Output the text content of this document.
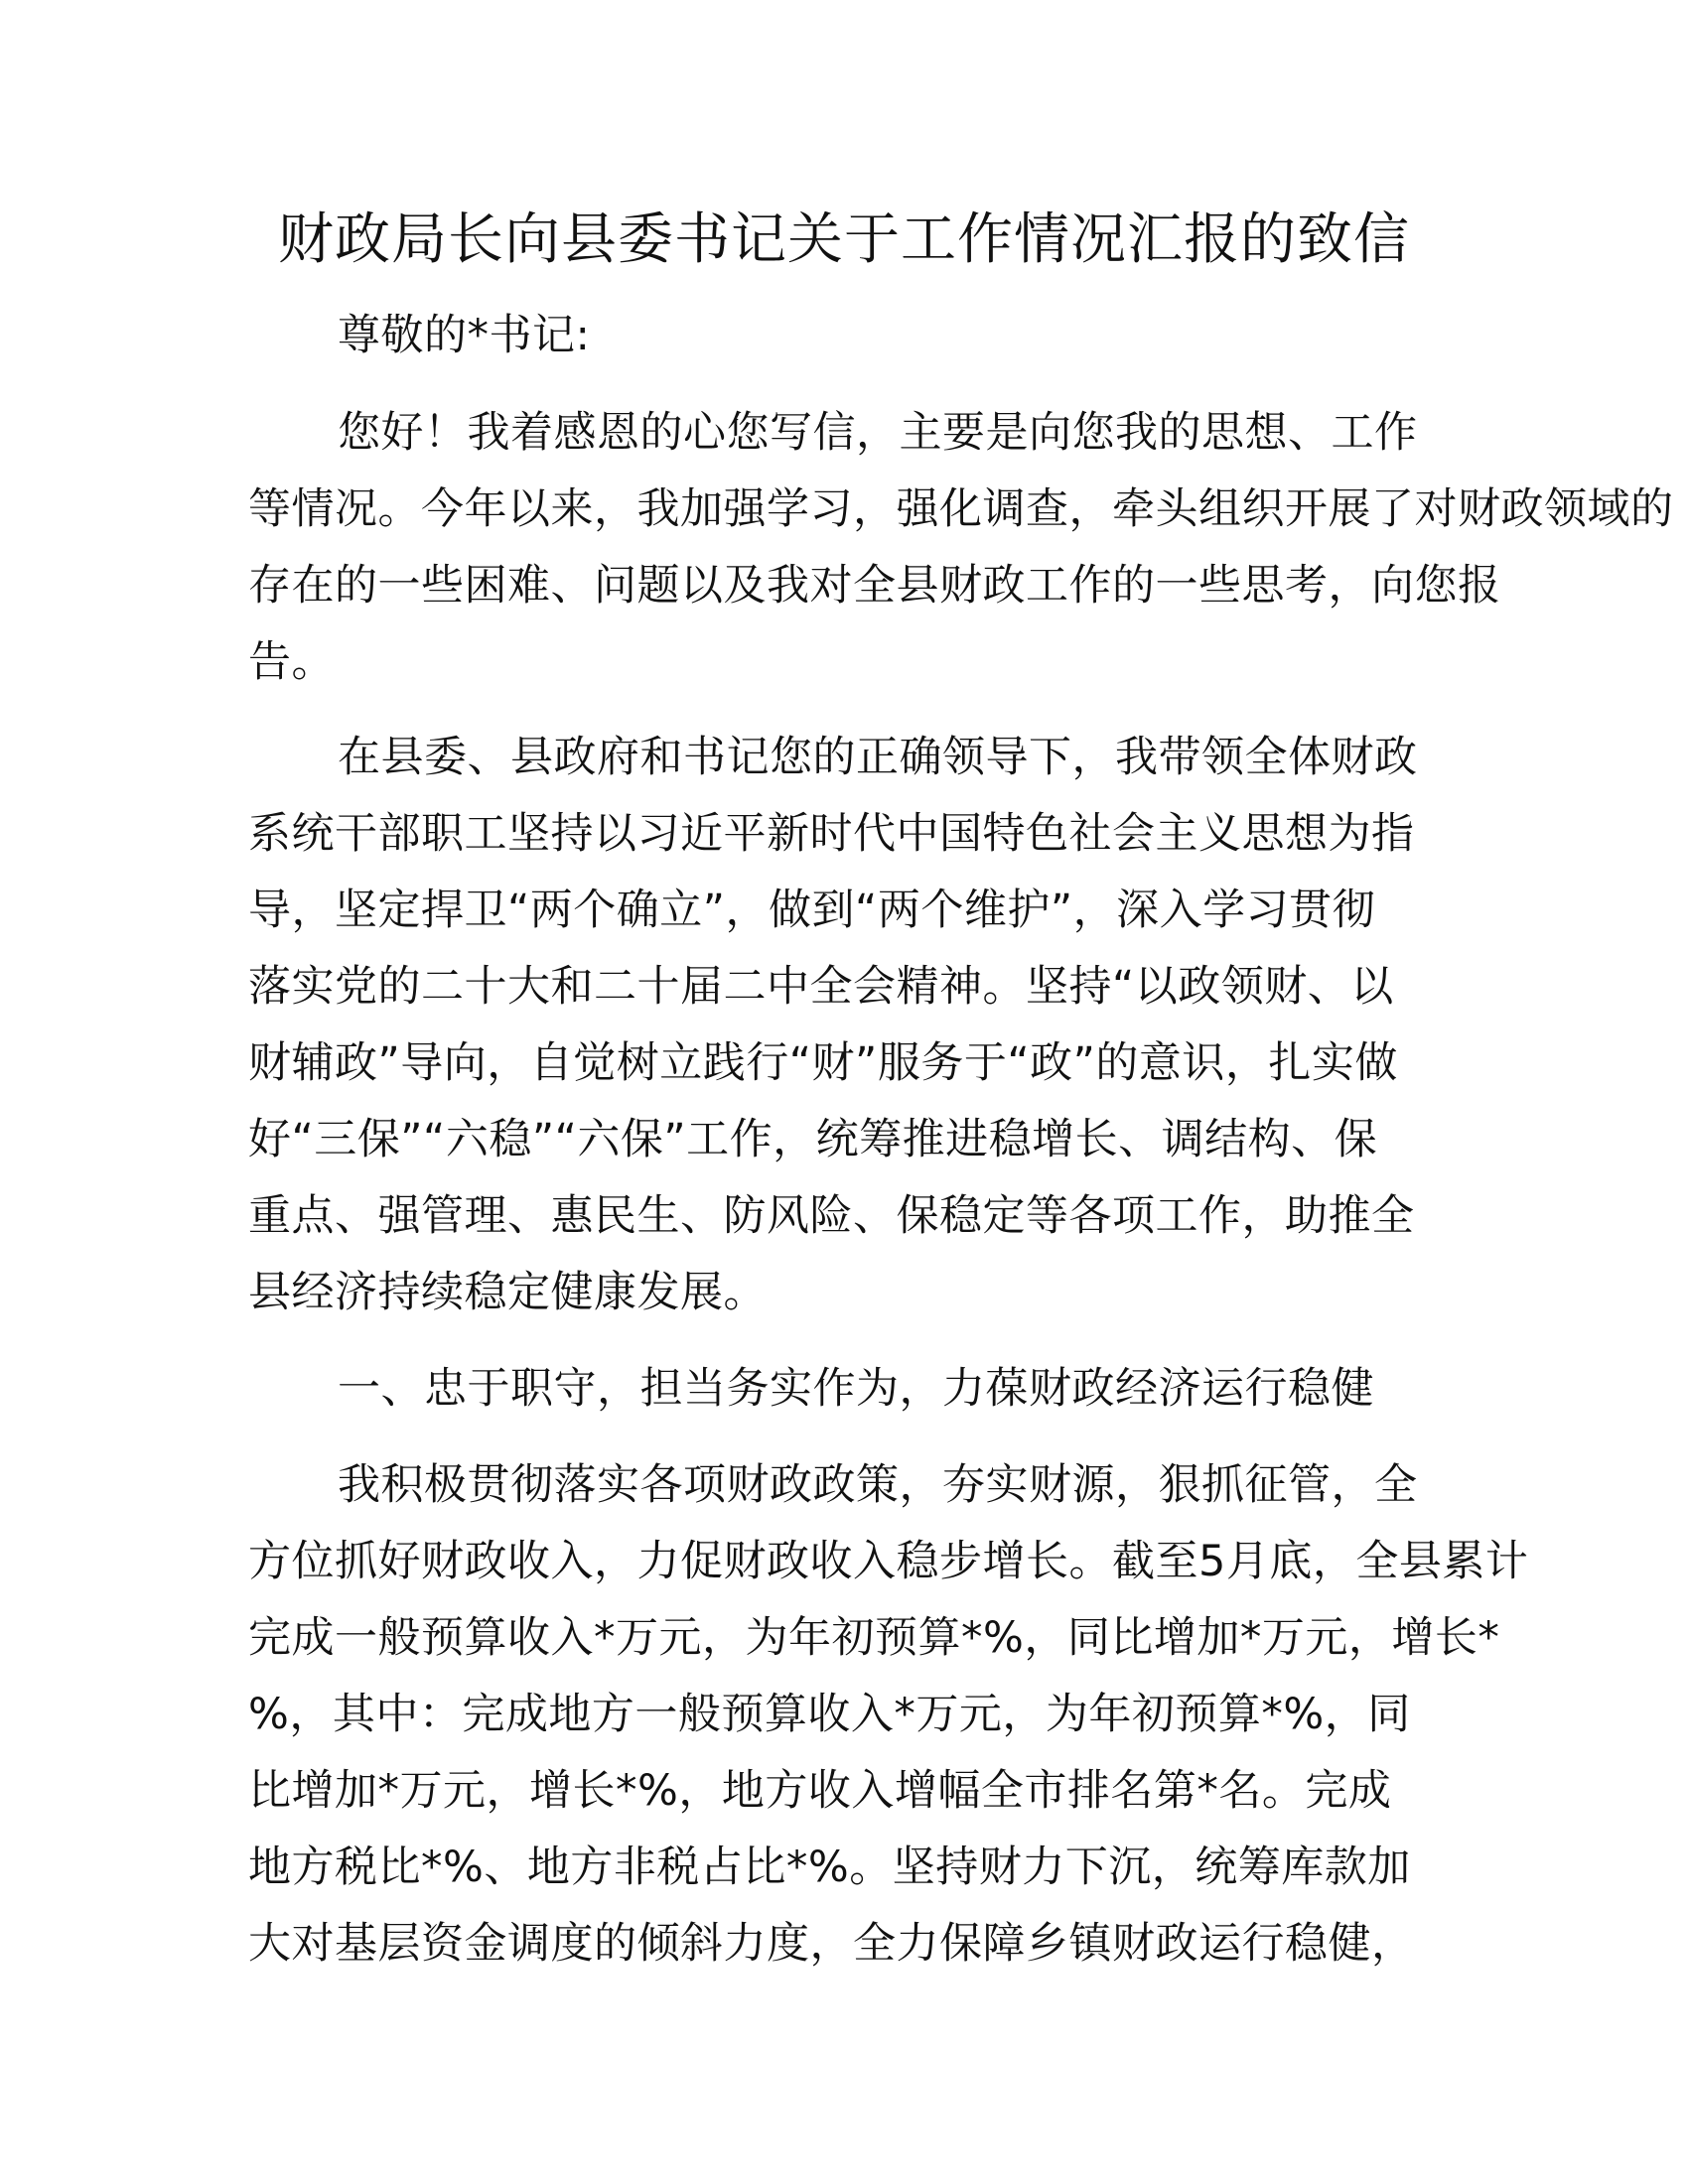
财政局长向县委书记关于工作情况汇报的致信
尊敬的*书记:
您好！我着感恩的心您写信，主要是向您我的思想、工作
等情况。今年以来，我加强学习，强化调查，牵头组织开展了对财政领域的
存在的一些困难、问题以及我对全县财政工作的一些思考，向您报
告。
在县委、县政府和书记您的正确领导下，我带领全体财政
系统干部职工坚持以习近平新时代中国特色社会主义思想为指
导，坚定捍卫“两个确立”，做到“两个维护”，深入学习贯彻
落实党的二十大和二十届二中全会精神。坚持“以政领财、以
财辅政”导向，自觉树立践行“财”服务于“政”的意识，扎实做
好“三保”“六稳”“六保”工作，统筹推进稳增长、调结构、保
重点、强管理、惠民生、防风险、保稳定等各项工作，助推全
县经济持续稳定健康发展。
一、忠于职守，担当务实作为，力葆财政经济运行稳健
我积极贯彻落实各项财政政策，夯实财源，狠抓征管，全
方位抓好财政收入，力促财政收入稳步增长。截至5月底，全县累计
完成一般预算收入*万元，为年初预算*%，同比增加*万元，增长*
%，其中：完成地方一般预算收入*万元，为年初预算*%，同
比增加*万元，增长*%，地方收入增幅全市排名第*名。完成
地方税比*%、地方非税占比*%。坚持财力下沉，统筹库款加
大对基层资金调度的倾斜力度，全力保障乡镇财政运行稳健，
